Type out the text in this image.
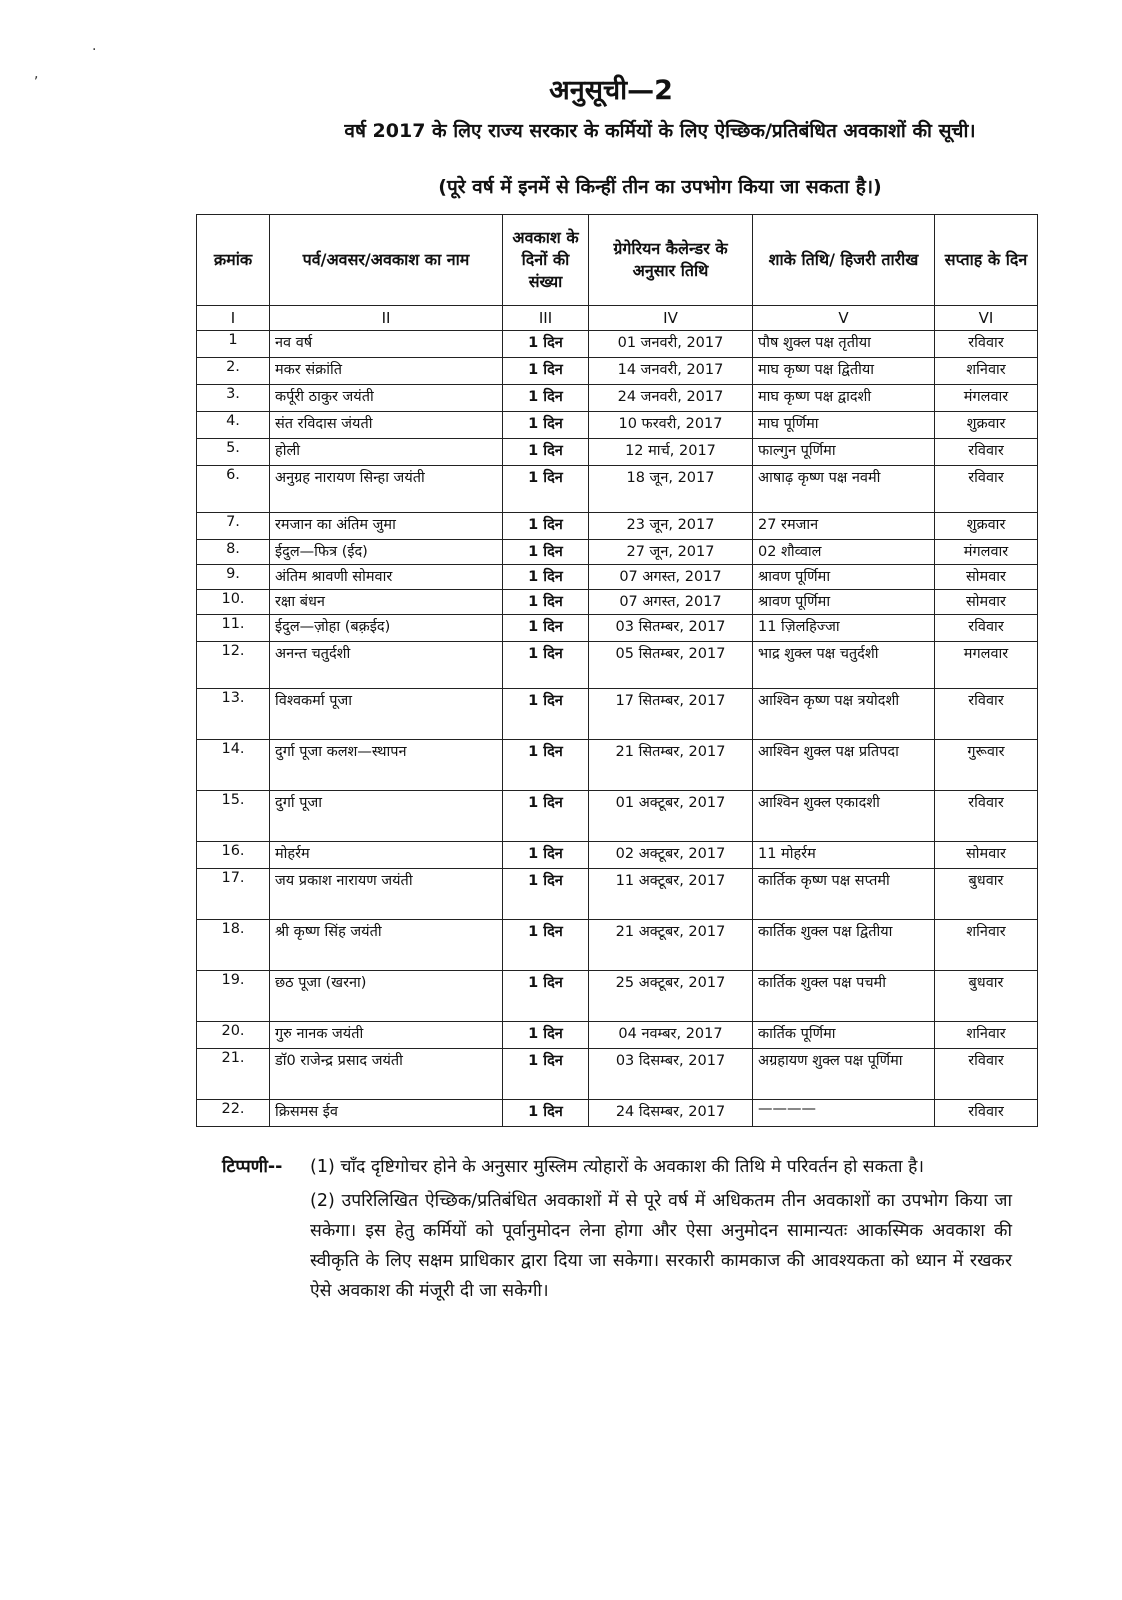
·
,
अनुसूची—2
वर्ष 2017 के लिए राज्य सरकार के कर्मियों के लिए ऐच्छिक/प्रतिबंधित अवकाशों की सूची।
(पूरे वर्ष में इनमें से किन्हीं तीन का उपभोग किया जा सकता है।)
क्रमांक	पर्व/अवसर/अवकाश का नाम	अवकाश के दिनों की संख्या	ग्रेगेरियन कैलेन्डर के अनुसार तिथि	शाके तिथि/ हिजरी तारीख	सप्ताह के दिन
I	II	III	IV	V	VI
1	नव वर्ष	1 दिन	01 जनवरी, 2017	पौष शुक्ल पक्ष तृतीया	रविवार
2.	मकर संक्रांति	1 दिन	14 जनवरी, 2017	माघ कृष्ण पक्ष द्वितीया	शनिवार
3.	कर्पूरी ठाकुर जयंती	1 दिन	24 जनवरी, 2017	माघ कृष्ण पक्ष द्वादशी	मंगलवार
4.	संत रविदास जंयती	1 दिन	10 फरवरी, 2017	माघ पूर्णिमा	शुक्रवार
5.	होली	1 दिन	12 मार्च, 2017	फाल्गुन पूर्णिमा	रविवार
6.	अनुग्रह नारायण सिन्हा जयंती	1 दिन	18 जून, 2017	आषाढ़ कृष्ण पक्ष नवमी	रविवार
7.	रमजान का अंतिम जुमा	1 दिन	23 जून, 2017	27 रमजान	शुक्रवार
8.	ईदुल—फित्र (ईद)	1 दिन	27 जून, 2017	02 शौव्वाल	मंगलवार
9.	अंतिम श्रावणी सोमवार	1 दिन	07 अगस्त, 2017	श्रावण पूर्णिमा	सोमवार
10.	रक्षा बंधन	1 दिन	07 अगस्त, 2017	श्रावण पूर्णिमा	सोमवार
11.	ईदुल—ज़ोहा (बक़्रईद)	1 दिन	03 सितम्बर, 2017	11 ज़िलहिज्जा	रविवार
12.	अनन्त चतुर्दशी	1 दिन	05 सितम्बर, 2017	भाद्र शुक्ल पक्ष चतुर्दशी	मगलवार
13.	विश्वकर्मा पूजा	1 दिन	17 सितम्बर, 2017	आश्विन कृष्ण पक्ष त्रयोदशी	रविवार
14.	दुर्गा पूजा कलश—स्थापन	1 दिन	21 सितम्बर, 2017	आश्विन शुक्ल पक्ष प्रतिपदा	गुरूवार
15.	दुर्गा पूजा	1 दिन	01 अक्टूबर, 2017	आश्विन शुक्ल एकादशी	रविवार
16.	मोहर्रम	1 दिन	02 अक्टूबर, 2017	11 मोहर्रम	सोमवार
17.	जय प्रकाश नारायण जयंती	1 दिन	11 अक्टूबर, 2017	कार्तिक कृष्ण पक्ष सप्तमी	बुधवार
18.	श्री कृष्ण सिंह जयंती	1 दिन	21 अक्टूबर, 2017	कार्तिक शुक्ल पक्ष द्वितीया	शनिवार
19.	छठ पूजा (खरना)	1 दिन	25 अक्टूबर, 2017	कार्तिक शुक्ल पक्ष पचमी	बुधवार
20.	गुरु नानक जयंती	1 दिन	04 नवम्बर, 2017	कार्तिक पूर्णिमा	शनिवार
21.	डॉ0 राजेन्द्र प्रसाद जयंती	1 दिन	03 दिसम्बर, 2017	अग्रहायण शुक्ल पक्ष पूर्णिमा	रविवार
22.	क्रिसमस ईव	1 दिन	24 दिसम्बर, 2017	————	रविवार
टिप्पणी-- (1) चाँद दृष्टिगोचर होने के अनुसार मुस्लिम त्योहारों के अवकाश की तिथि मे परिवर्तन हो सकता है।

(2) उपरिलिखित ऐच्छिक/प्रतिबंधित अवकाशों में से पूरे वर्ष में अधिकतम तीन अवकाशों का उपभोग किया जा सकेगा। इस हेतु कर्मियों को पूर्वानुमोदन लेना होगा और ऐसा अनुमोदन सामान्यतः आकस्मिक अवकाश की स्वीकृति के लिए सक्षम प्राधिकार द्वारा दिया जा सकेगा। सरकारी कामकाज की आवश्यकता को ध्यान में रखकर ऐसे अवकाश की मंजूरी दी जा सकेगी।
